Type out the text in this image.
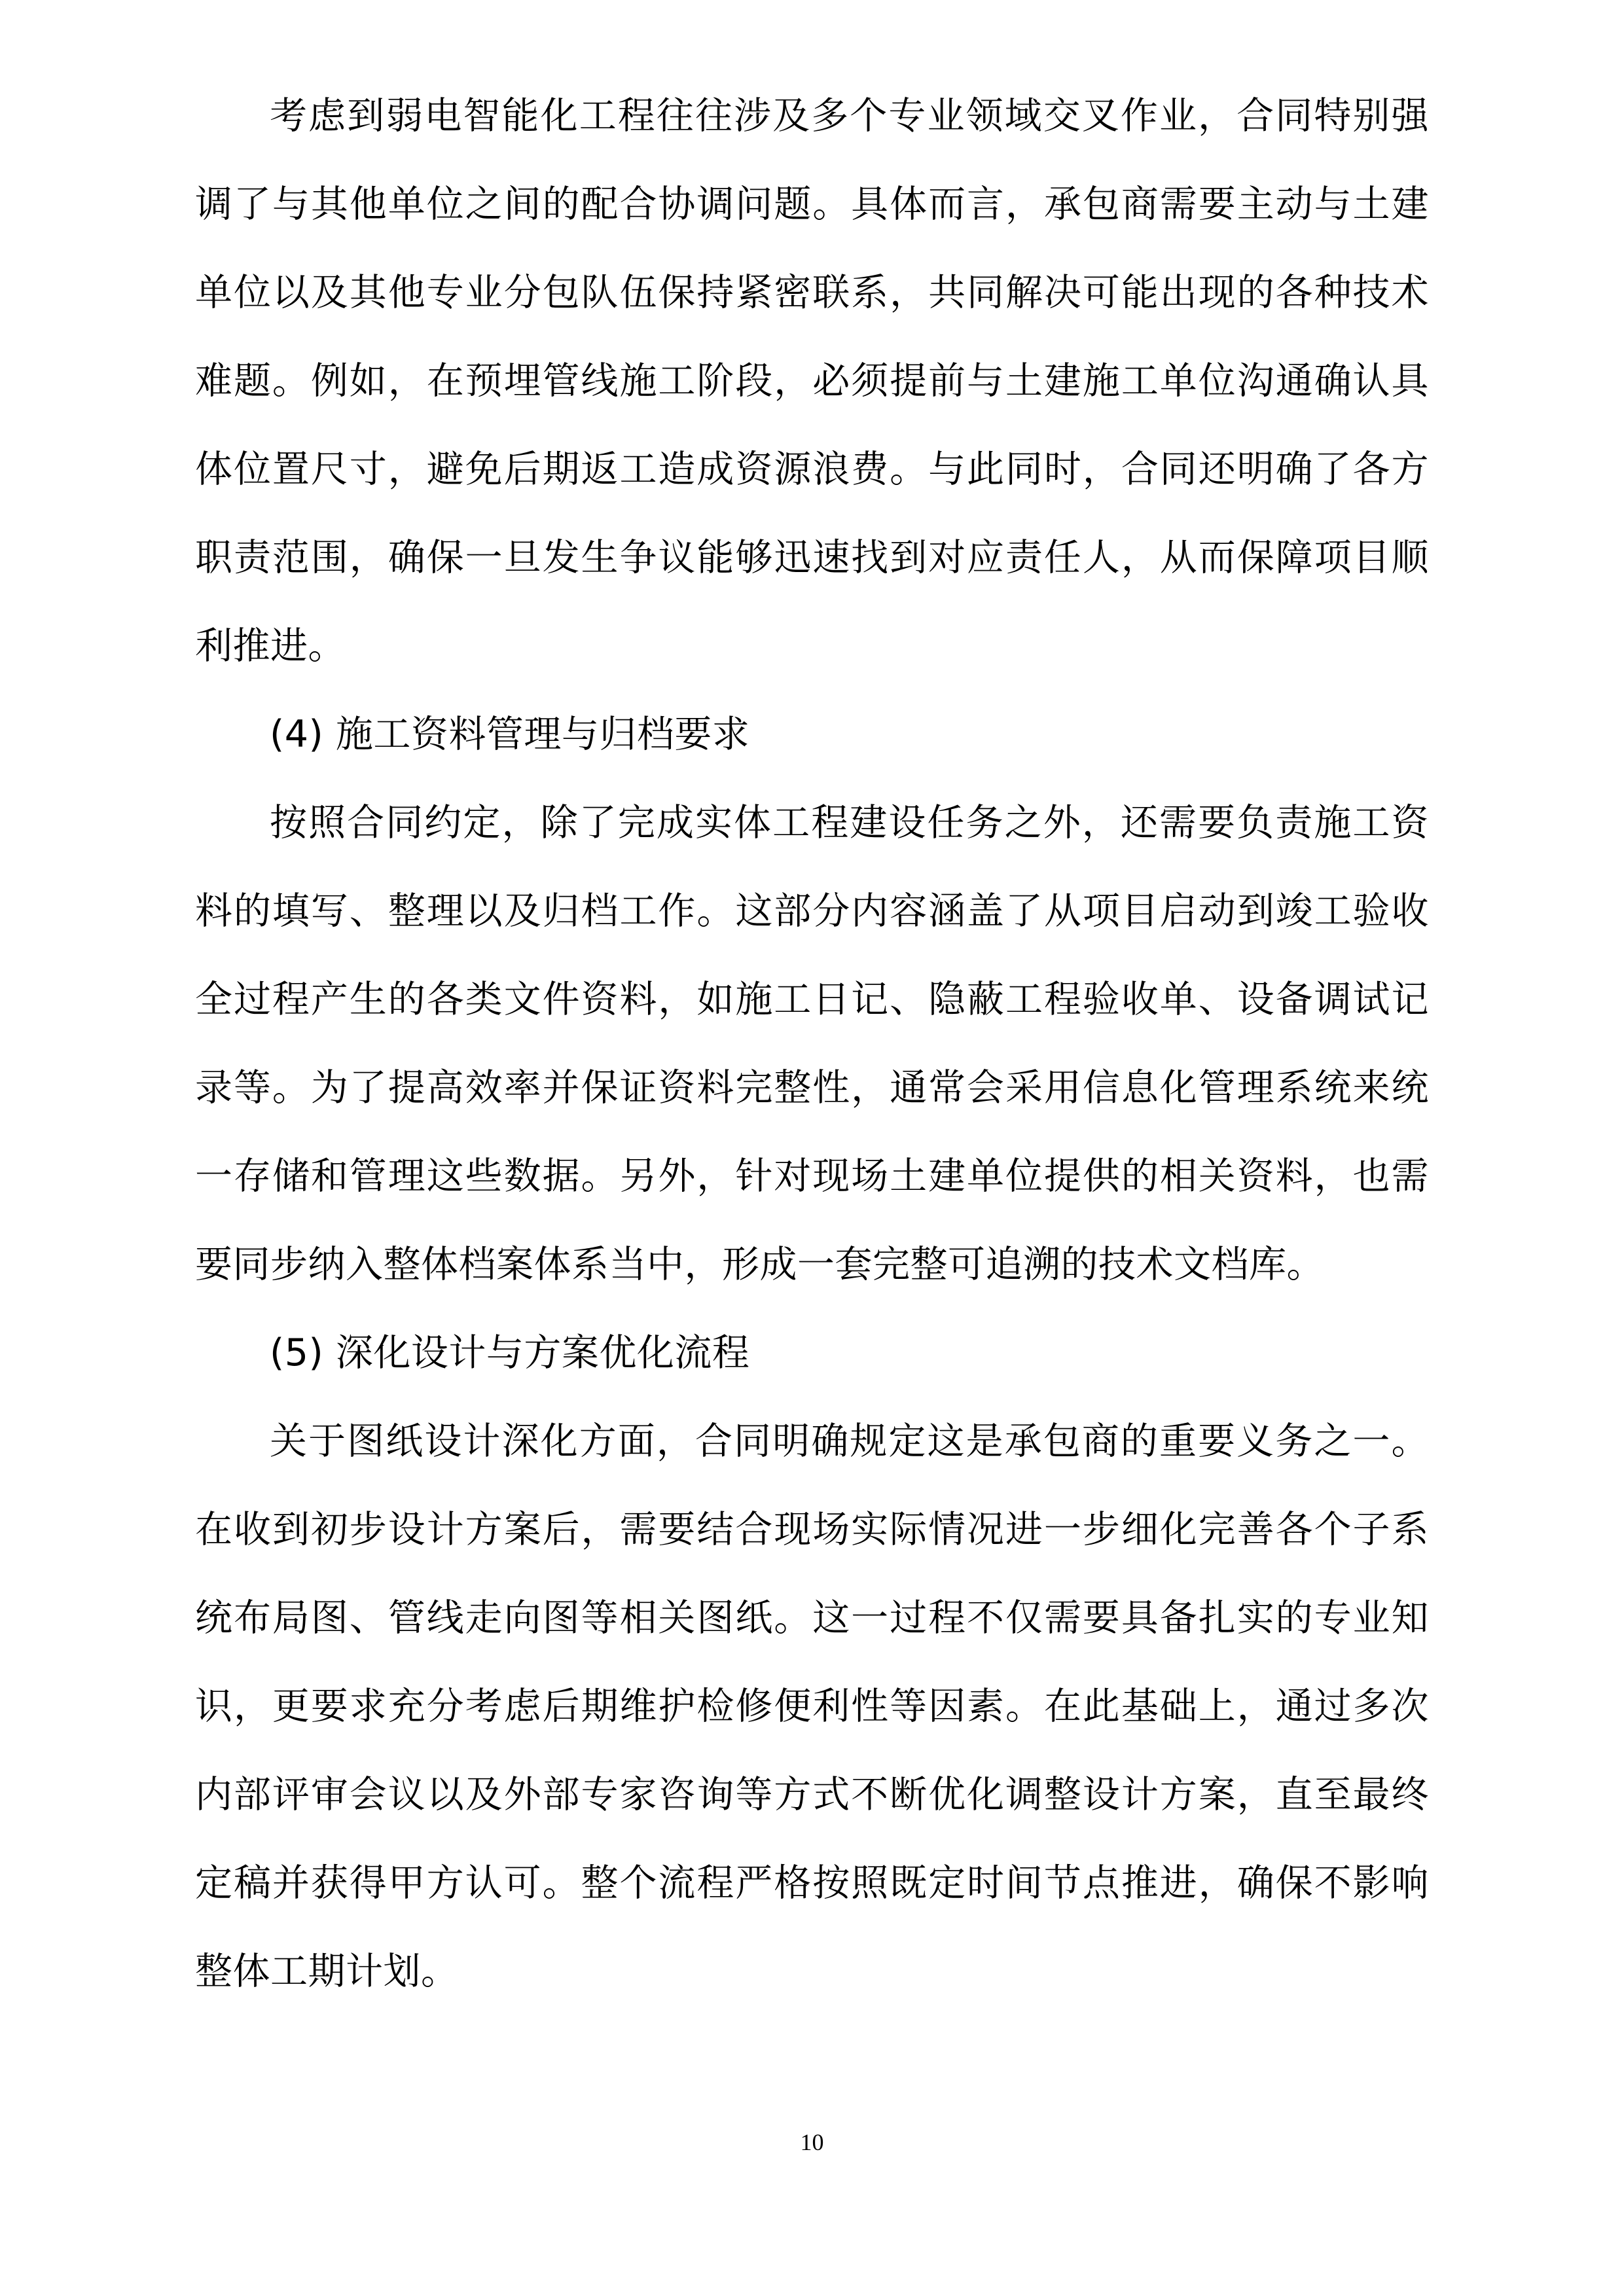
考虑到弱电智能化工程往往涉及多个专业领域交叉作业，合同特别强调了与其他单位之间的配合协调问题。具体而言，承包商需要主动与土建单位以及其他专业分包队伍保持紧密联系，共同解决可能出现的各种技术难题。例如，在预埋管线施工阶段，必须提前与土建施工单位沟通确认具体位置尺寸，避免后期返工造成资源浪费。与此同时，合同还明确了各方职责范围，确保一旦发生争议能够迅速找到对应责任人，从而保障项目顺利推进。

(4) 施工资料管理与归档要求

按照合同约定，除了完成实体工程建设任务之外，还需要负责施工资料的填写、整理以及归档工作。这部分内容涵盖了从项目启动到竣工验收全过程产生的各类文件资料，如施工日记、隐蔽工程验收单、设备调试记录等。为了提高效率并保证资料完整性，通常会采用信息化管理系统来统一存储和管理这些数据。另外，针对现场土建单位提供的相关资料，也需要同步纳入整体档案体系当中，形成一套完整可追溯的技术文档库。

(5) 深化设计与方案优化流程

关于图纸设计深化方面，合同明确规定这是承包商的重要义务之一。在收到初步设计方案后，需要结合现场实际情况进一步细化完善各个子系统布局图、管线走向图等相关图纸。这一过程不仅需要具备扎实的专业知识，更要求充分考虑后期维护检修便利性等因素。在此基础上，通过多次内部评审会议以及外部专家咨询等方式不断优化调整设计方案，直至最终定稿并获得甲方认可。整个流程严格按照既定时间节点推进，确保不影响整体工期计划。

10
